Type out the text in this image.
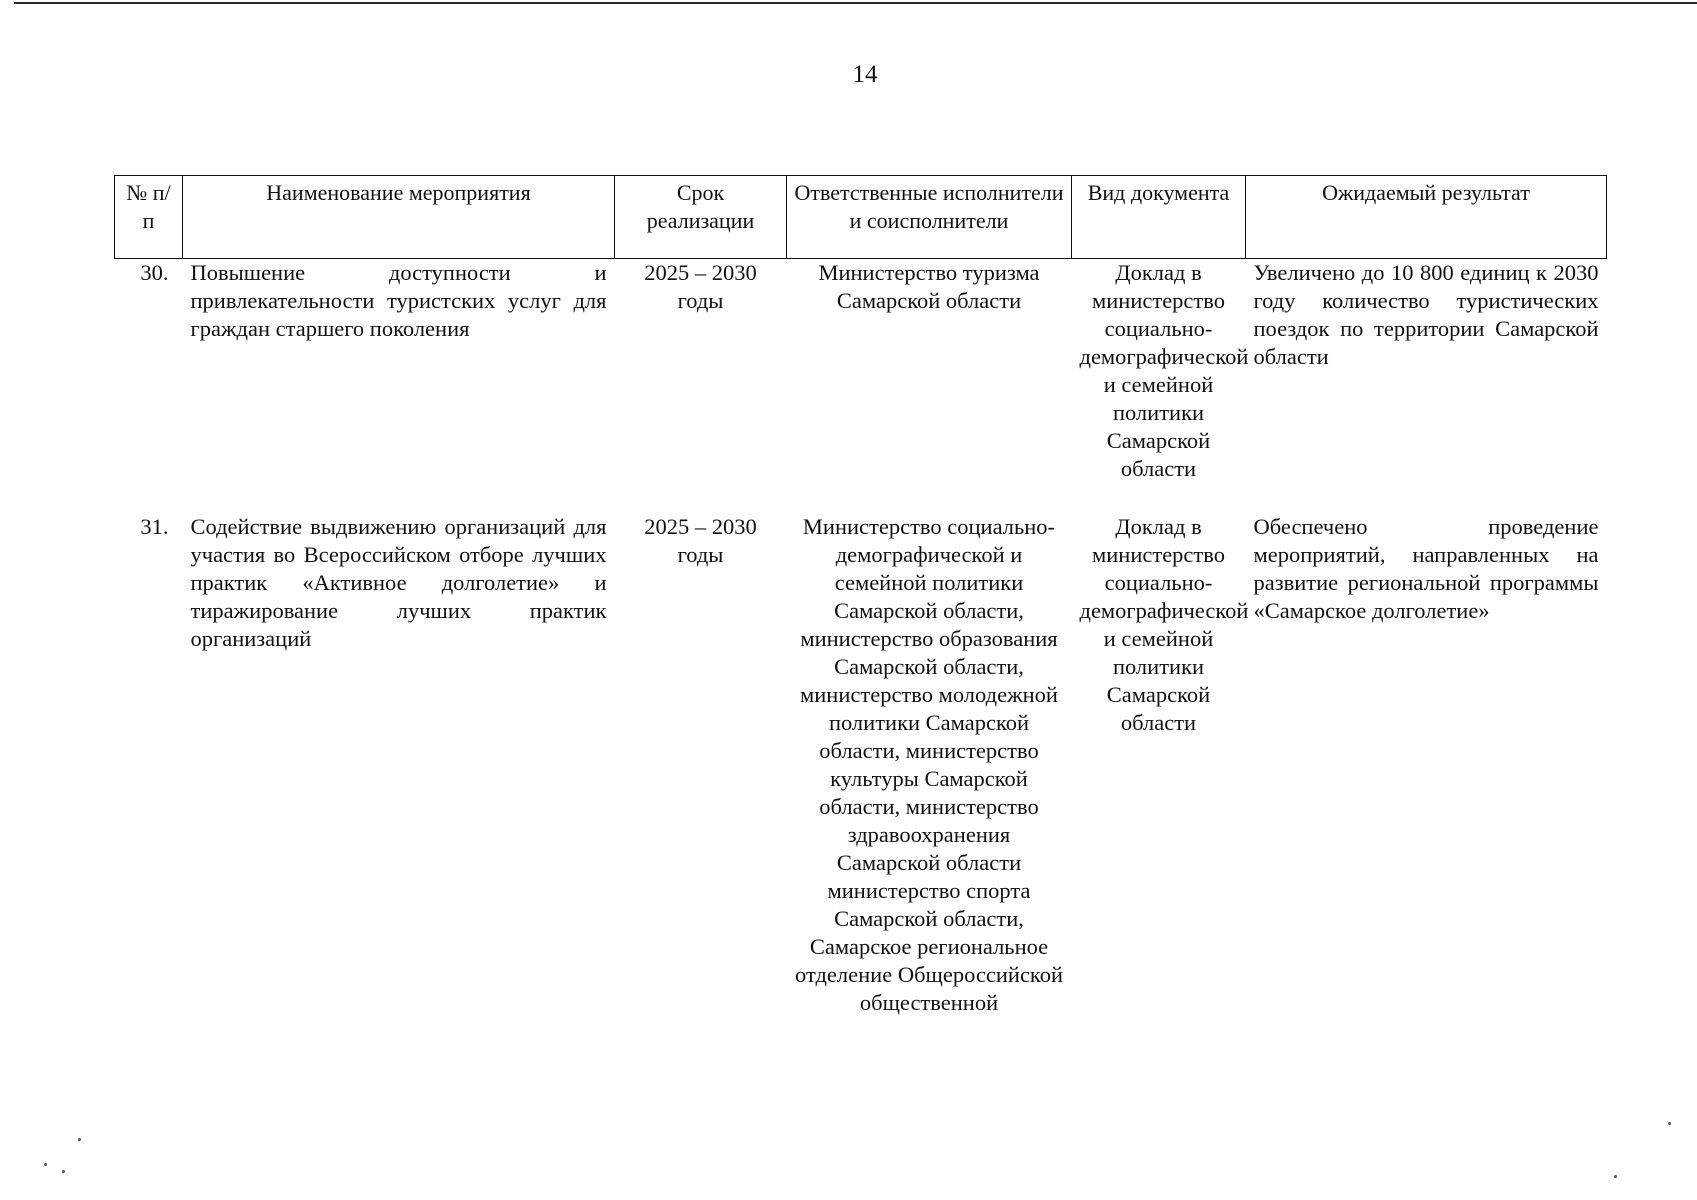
14
№ п/п	Наименование мероприятия	Срок реализации	Ответственные исполнители и соисполнители	Вид документа	Ожидаемый результат
30.	Повышение доступности и привлекательности туристских услуг для граждан старшего поколения	2025 – 2030 годы	Министерство туризма Самарской области	Доклад в министерство социально-демографической и семейной политики Самарской области	Увеличено до 10 800 единиц к 2030 году количество туристических поездок по территории Самарской области
31.	Содействие выдвижению организаций для участия во Всероссийском отборе лучших практик «Активное долголетие» и тиражирование лучших практик организаций	2025 – 2030 годы	Министерство социально-демографической и семейной политики Самарской области, министерство образования Самарской области, министерство молодежной политики Самарской области, министерство культуры Самарской области, министерство здравоохранения Самарской области министерство спорта Самарской области, Самарское региональное отделение Общероссийской общественной	Доклад в министерство социально-демографической и семейной политики Самарской области	Обеспечено проведение мероприятий, направленных на развитие региональной программы «Самарское долголетие»
